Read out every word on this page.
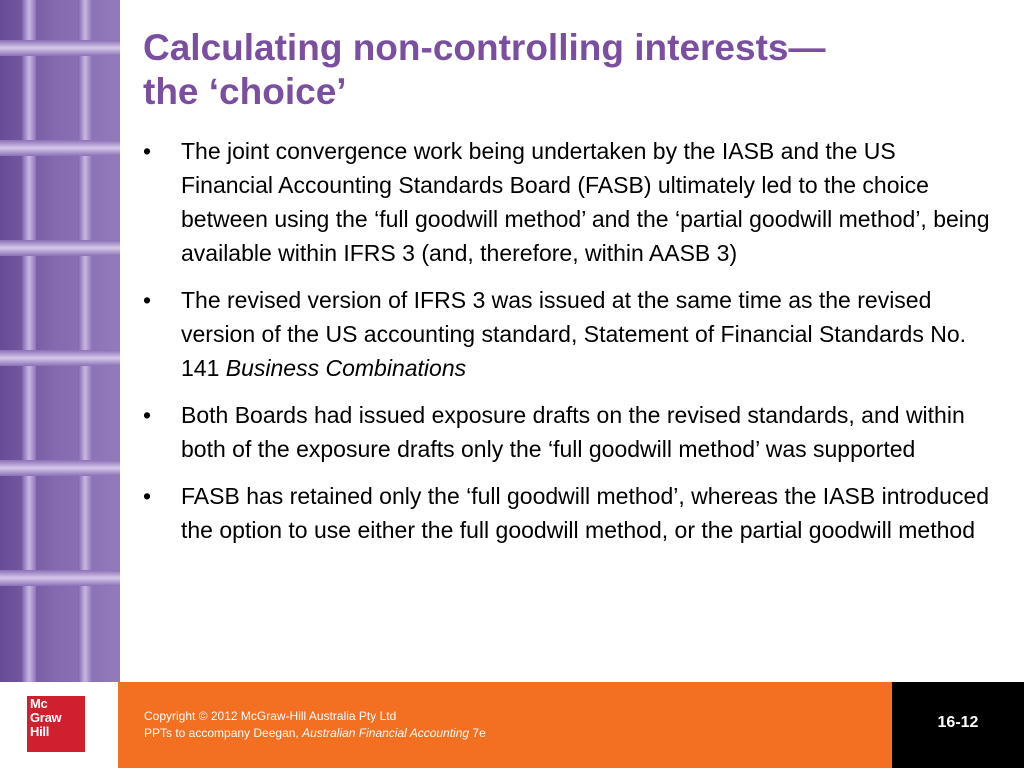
Calculating non-controlling interests—
the ‘choice’
• The joint convergence work being undertaken by the IASB and the US Financial Accounting Standards Board (FASB) ultimately led to the choice between using the ‘full goodwill method’ and the ‘partial goodwill method’, being available within IFRS 3 (and, therefore, within AASB 3)
• The revised version of IFRS 3 was issued at the same time as the revised version of the US accounting standard, Statement of Financial Standards No. 141 Business Combinations
• Both Boards had issued exposure drafts on the revised standards, and within both of the exposure drafts only the ‘full goodwill method’ was supported
• FASB has retained only the ‘full goodwill method’, whereas the IASB introduced the option to use either the full goodwill method, or the partial goodwill method
Mc
Graw
Hill
Copyright © 2012 McGraw-Hill Australia Pty Ltd
PPTs to accompany Deegan, Australian Financial Accounting 7e
16-12
